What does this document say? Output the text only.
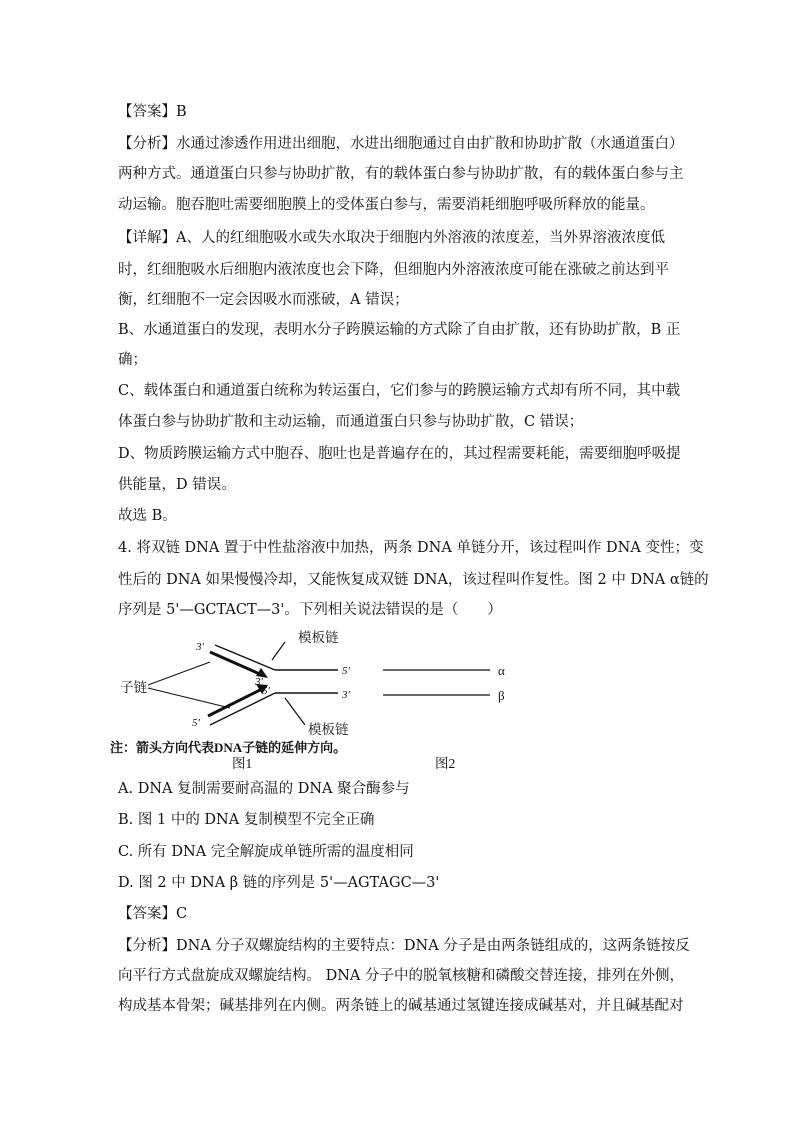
【答案】B
【分析】水通过渗透作用进出细胞，水进出细胞通过自由扩散和协助扩散（水通道蛋白）
两种方式。通道蛋白只参与协助扩散，有的载体蛋白参与协助扩散，有的载体蛋白参与主
动运输。胞吞胞吐需要细胞膜上的受体蛋白参与，需要消耗细胞呼吸所释放的能量。
【详解】A、人的红细胞吸水或失水取决于细胞内外溶液的浓度差，当外界溶液浓度低
时，红细胞吸水后细胞内液浓度也会下降，但细胞内外溶液浓度可能在涨破之前达到平
衡，红细胞不一定会因吸水而涨破，A 错误；
B、水通道蛋白的发现，表明水分子跨膜运输的方式除了自由扩散，还有协助扩散，B 正
确；
C、载体蛋白和通道蛋白统称为转运蛋白，它们参与的跨膜运输方式却有所不同，其中载
体蛋白参与协助扩散和主动运输，而通道蛋白只参与协助扩散，C 错误；
D、物质跨膜运输方式中胞吞、胞吐也是普遍存在的，其过程需要耗能，需要细胞呼吸提
供能量，D 错误。
故选 B。
4. 将双链 DNA 置于中性盐溶液中加热，两条 DNA 单链分开，该过程叫作 DNA 变性；变
性后的 DNA 如果慢慢冷却，又能恢复成双链 DNA，该过程叫作复性。图 2 中 DNA α链的
序列是 5'—GCTACT—3'。下列相关说法错误的是（　　）
模板链
模板链
子链
3′
3′
5′
5′
5′
3′
α
β
注：箭头方向代表DNA子链的延伸方向。
图1	图2
A. DNA 复制需要耐高温的 DNA 聚合酶参与
B. 图 1 中的 DNA 复制模型不完全正确
C. 所有 DNA 完全解旋成单链所需的温度相同
D. 图 2 中 DNA β 链的序列是 5'—AGTAGC—3'
【答案】C
【分析】DNA 分子双螺旋结构的主要特点：DNA 分子是由两条链组成的，这两条链按反
向平行方式盘旋成双螺旋结构。 DNA 分子中的脱氧核糖和磷酸交替连接，排列在外侧，
构成基本骨架；碱基排列在内侧。两条链上的碱基通过氢键连接成碱基对，并且碱基配对
